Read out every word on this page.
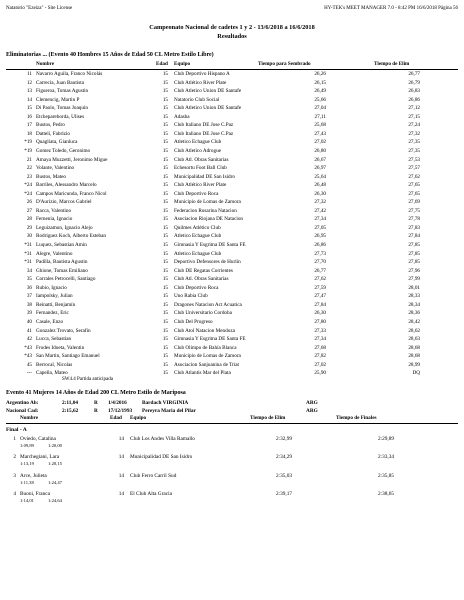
Natatorio "Ezeiza" - Site License	HY-TEK's MEET MANAGER 7.0 - 8:42 PM 16/6/2018 Página 56
Campeonato Nacional de cadetes 1 y 2 - 13/6/2018 a 16/6/2018
Resultados
Eliminatorias ... (Evento 40 Hombres 15 Años de Edad 50 CL Metro Estilo Libre)
Nombre	Edad Equipo	Tiempo para Sembrado	Tiempo de Elim
11 Navarro Aguila, Franco Nicolás	15 Club Deportivo Hispano A	26,26	26,77
12 Carrecia, Juan Bautista	15 Club Atlético River Plate	26,15	26,79
13 Figueroa, Tomas Agustin	15 Club Atletico Union DE Santafe	26,49	26,83
14 Clemencig, Martin P	15 Natatorio Club Social	25,66	26,86
15 Di Paolo, Tomas Joaquin	15 Club Atletico Union DE Santafe	27,04	27,12
16 Etchepareborda, Ulises	15 Adasba	27,11	27,15
17 Bustos, Pedro	15 Club Italiano DE Jose C.Paz	25,68	27,24
18 Datteli, Fabrizio	15 Club Italiano DE Jose C.Paz	27,43	27,32
*19 Quagliata, Gianluca	15 Atletico Echague Club	27,02	27,35
*19 Gomez Toledo, Geronimo	15 Club Atletico Adrogue	26,80	27,35
21 Amaya Muzzetti, Jeronimo Migue	15 Club Atl. Obras Sanitarias	26,67	27,53
22 Volante, Valentino	15 Echesortu Foot Ball Club	26,97	27,57
23 Bustos, Mateo	15 Municipalidad DE San Isidro	25,64	27,62
*24 Barriles, Alessandro Marcelo	15 Club Atlético River Plate	26,48	27,65
*24 Campos Maricunda, Franco Nicol	15 Club Deportivo Roca	26,30	27,65
26 D'Aurizio, Marcos Gabriel	15 Municipio de Lomas de Zamora	27,32	27,69
27 Racca, Valentino	15 Federacion Rosarina Natacion	27,42	27,75
28 Fernenia, Ignacio	15 Asociacion Riojana DE Natacion	27,34	27,78
29 Leguizamon, Ignacio Alejo	15 Quilmes Atlético Club	27,05	27,83
30 Rodriguez Koch, Alberto Esteban	15 Atletico Echague Club	26,95	27,84
*31 Luquez, Sebastian Amin	15 Gimnasia Y Esgrima DE Santa FE	26,86	27,85
*31 Alegre, Valentino	15 Atletico Echague Club	27,73	27,85
*31 Padilla, Bautista Agustin	15 Deportivo Defensores de Hurlin	27,70	27,85
34 Ghione, Tomas Emiliano	15 Club DE Regatas Corrientes	26,77	27,96
35 Corrales Petrocelli, Santiago	15 Club Atl. Obras Sanitarias	27,62	27,99
36 Rubio, Ignacio	15 Club Deportivo Roca	27,59	28,01
37 Iampolsky, Julian	15 Uno Rabia Club	27,47	28,33
38 Reinatti, Benjamín	15 Dragones Natacion Act Acuatica	27,84	28,34
39 Fernandez, Eric	15 Club Universitario Cordoba	26,30	28,36
40 Casale, Enzo	15 Club Del Progreso	27,80	28,42
41 Gonzalez Trovato, Serafin	15 Club Atol Natacion Mendoza	27,33	28,62
42 Lucca, Sebastian	15 Gimnasia Y Esgrima DE Santa FE	27,34	28,63
*43 Frodes Idoeta, Valentin	15 Club Olimpo de Bahía Blanca	27,68	28,68
*43 San Martin, Santiago Emanuel	15 Municipio de Lomas de Zamora	27,82	28,68
45 Berrocal, Nicolas	15 Asociacion Sanjuanina de Triat	27,02	28,99
--- Capella, Mateo	15 Club Atlantis Mar del Plata	25,90	DQ
SW4.4 Partida anticipada
Evento 41 Mujeres 14 Años de Edad 200 CL Metro Estilo de Mariposa
Argentino Ab:	2:11,04	ARG
Bardach VIRGINIA
R 1/4/2016
Nacional Cad:	2:15,62	ARG
Pereyra Maria del Pilar
R 17/12/1993
Nombre	Edad Equipo	Tiempo de Elim	Tiempo de Finales
Final - A
1 Oviedo, Catalina	14 Club Los Andes Villa Ramallo	2:32,99	2:29,89
1:09,89	1:20,00
2 Marchegiani, Lara	14 Municipalidad DE San Isidro	2:34,29	2:33,34
1:13,19	1:20,15
3 Arce, Julieta	14 Club Ferro Carril Sud	2:35,03	2:35,85
1:11,38	1:24,47
4 Buoni, Franca	14 El Club Alta Gracia	2:39,17	2:38,65
1:14,01	1:24,64
